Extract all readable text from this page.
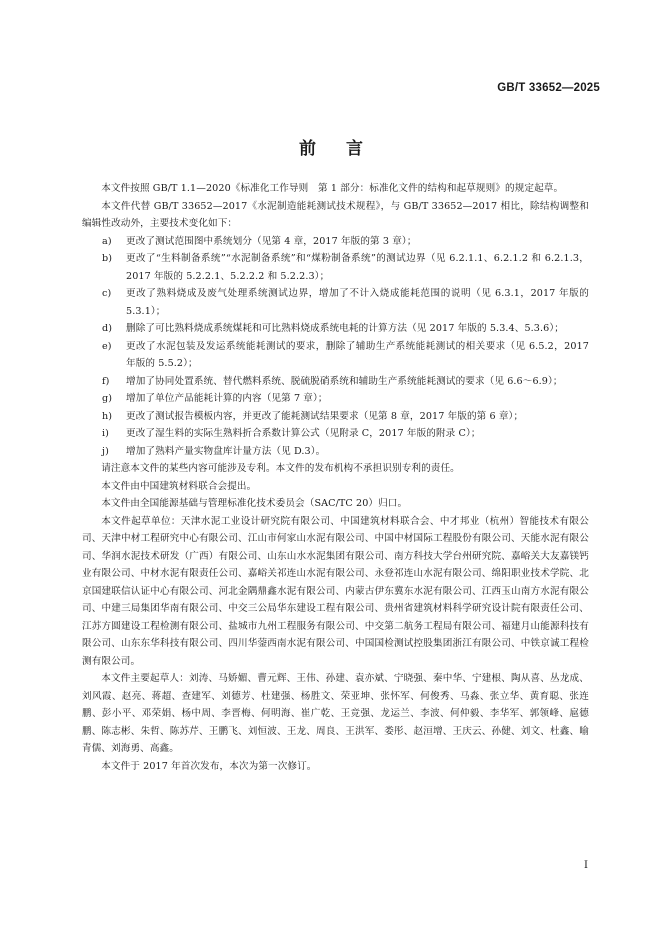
GB/T 33652—2025
前言

本文件按照 GB/T 1.1—2020《标准化工作导则　第 1 部分：标准化文件的结构和起草规则》的规定起草。

本文件代替 GB/T 33652—2017《水泥制造能耗测试技术规程》，与 GB/T 33652—2017 相比，除结构调整和编辑性改动外，主要技术变化如下：

a)	更改了测试范围图中系统划分（见第 4 章，2017 年版的第 3 章）；
b)	更改了“生料制备系统”“水泥制备系统”和“煤粉制备系统”的测试边界（见 6.2.1.1、6.2.1.2 和 6.2.1.3，2017 年版的 5.2.2.1、5.2.2.2 和 5.2.2.3）；
c)	更改了熟料烧成及废气处理系统测试边界，增加了不计入烧成能耗范围的说明（见 6.3.1，2017 年版的 5.3.1）；
d)	删除了可比熟料烧成系统煤耗和可比熟料烧成系统电耗的计算方法（见 2017 年版的 5.3.4、5.3.6）；
e)	更改了水泥包装及发运系统能耗测试的要求，删除了辅助生产系统能耗测试的相关要求（见 6.5.2，2017 年版的 5.5.2）；
f)	增加了协同处置系统、替代燃料系统、脱硫脱硝系统和辅助生产系统能耗测试的要求（见 6.6～6.9）；
g)	增加了单位产品能耗计算的内容（见第 7 章）；
h)	更改了测试报告模板内容，并更改了能耗测试结果要求（见第 8 章，2017 年版的第 6 章）；
i)	更改了湿生料的实际生熟料折合系数计算公式（见附录 C，2017 年版的附录 C）；
j)	增加了熟料产量实物盘库计量方法（见 D.3）。

请注意本文件的某些内容可能涉及专利。本文件的发布机构不承担识别专利的责任。

本文件由中国建筑材料联合会提出。

本文件由全国能源基础与管理标准化技术委员会（SAC/TC 20）归口。

本文件起草单位：天津水泥工业设计研究院有限公司、中国建筑材料联合会、中才邦业（杭州）智能技术有限公司、天津中材工程研究中心有限公司、江山市何家山水泥有限公司、中国中材国际工程股份有限公司、天能水泥有限公司、华润水泥技术研发（广西）有限公司、山东山水水泥集团有限公司、南方科技大学台州研究院、嘉峪关大友嘉镁钙业有限公司、中材水泥有限责任公司、嘉峪关祁连山水泥有限公司、永登祁连山水泥有限公司、绵阳职业技术学院、北京国建联信认证中心有限公司、河北金隅鼎鑫水泥有限公司、内蒙古伊东冀东水泥有限公司、江西玉山南方水泥有限公司、中建三局集团华南有限公司、中交三公局华东建设工程有限公司、贵州省建筑材料科学研究设计院有限责任公司、江苏方圆建设工程检测有限公司、盐城市九州工程服务有限公司、中交第二航务工程局有限公司、福建月山能源科技有限公司、山东东华科技有限公司、四川华蓥西南水泥有限公司、中国国检测试控股集团浙江有限公司、中铁京诚工程检测有限公司。

本文件主要起草人：刘涛、马娇媚、曹元辉、王伟、孙建、袁亦斌、宁晓强、秦中华、宁建根、陶从喜、丛龙成、刘风霞、赵亮、蒋超、查建军、刘德芳、杜建强、杨胜文、荣亚坤、张怀军、何俊秀、马淼、张立华、黄育聪、张连鹏、彭小平、邓荣娟、杨中周、李晋梅、何明海、崔广乾、王竞强、龙运兰、李波、何仲毅、李华军、郭领峰、扈德鹏、陈志彬、朱哲、陈苏芹、王鹏飞、刘恒波、王龙、周良、王洪军、娄彤、赵洹增、王庆云、孙健、刘文、杜鑫、喻青儒、刘海勇、高鑫。

本文件于 2017 年首次发布，本次为第一次修订。

I
